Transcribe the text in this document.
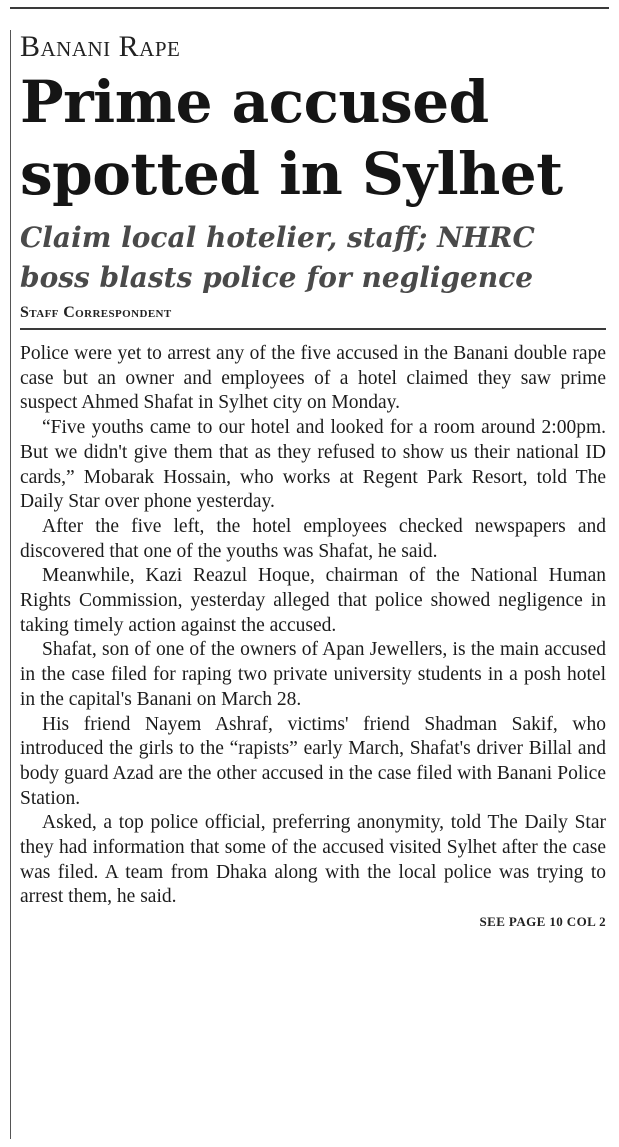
Banani Rape
Prime accused
spotted in Sylhet
Claim local hotelier, staff; NHRC
boss blasts police for negligence
Staff Correspondent

Police were yet to arrest any of the five accused in the Banani double rape case but an owner and employees of a hotel claimed they saw prime suspect Ahmed Shafat in Sylhet city on Monday.

“Five youths came to our hotel and looked for a room around 2:00pm. But we didn't give them that as they refused to show us their national ID cards,” Mobarak Hossain, who works at Regent Park Resort, told The Daily Star over phone yesterday.

After the five left, the hotel employees checked newspapers and discovered that one of the youths was Shafat, he said.

Meanwhile, Kazi Reazul Hoque, chairman of the National Human Rights Commission, yesterday alleged that police showed negligence in taking timely action against the accused.

Shafat, son of one of the owners of Apan Jewellers, is the main accused in the case filed for raping two private university students in a posh hotel in the capital's Banani on March 28.

His friend Nayem Ashraf, victims' friend Shadman Sakif, who introduced the girls to the “rapists” early March, Shafat's driver Billal and body guard Azad are the other accused in the case filed with Banani Police Station.

Asked, a top police official, preferring anonymity, told The Daily Star they had information that some of the accused visited Sylhet after the case was filed. A team from Dhaka along with the local police was trying to arrest them, he said.

SEE PAGE 10 COL 2
